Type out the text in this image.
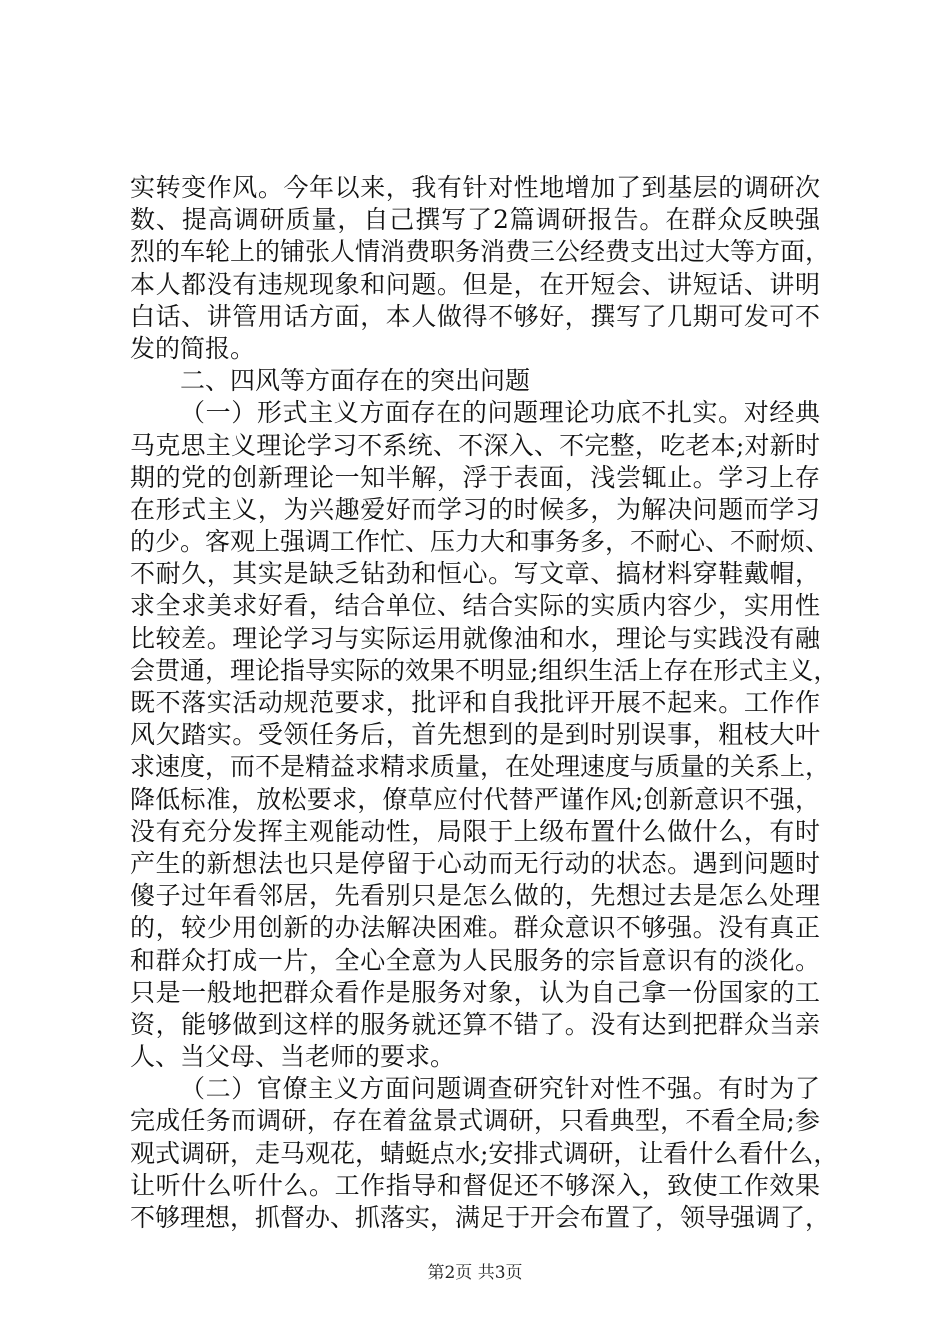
实转变作风。今年以来，我有针对性地增加了到基层的调研次
数、提高调研质量，自己撰写了2篇调研报告。在群众反映强
烈的车轮上的铺张人情消费职务消费三公经费支出过大等方面，
本人都没有违规现象和问题。但是，在开短会、讲短话、讲明
白话、讲管用话方面，本人做得不够好，撰写了几期可发可不
发的简报。
二、四风等方面存在的突出问题
（一）形式主义方面存在的问题理论功底不扎实。对经典
马克思主义理论学习不系统、不深入、不完整，吃老本;对新时
期的党的创新理论一知半解，浮于表面，浅尝辄止。学习上存
在形式主义，为兴趣爱好而学习的时候多，为解决问题而学习
的少。客观上强调工作忙、压力大和事务多，不耐心、不耐烦、
不耐久，其实是缺乏钻劲和恒心。写文章、搞材料穿鞋戴帽，
求全求美求好看，结合单位、结合实际的实质内容少，实用性
比较差。理论学习与实际运用就像油和水，理论与实践没有融
会贯通，理论指导实际的效果不明显;组织生活上存在形式主义，
既不落实活动规范要求，批评和自我批评开展不起来。工作作
风欠踏实。受领任务后，首先想到的是到时别误事，粗枝大叶
求速度，而不是精益求精求质量，在处理速度与质量的关系上，
降低标准，放松要求，僚草应付代替严谨作风;创新意识不强，
没有充分发挥主观能动性，局限于上级布置什么做什么，有时
产生的新想法也只是停留于心动而无行动的状态。遇到问题时
傻子过年看邻居，先看别只是怎么做的，先想过去是怎么处理
的，较少用创新的办法解决困难。群众意识不够强。没有真正
和群众打成一片，全心全意为人民服务的宗旨意识有的淡化。
只是一般地把群众看作是服务对象，认为自己拿一份国家的工
资，能够做到这样的服务就还算不错了。没有达到把群众当亲
人、当父母、当老师的要求。
（二）官僚主义方面问题调查研究针对性不强。有时为了
完成任务而调研，存在着盆景式调研，只看典型，不看全局;参
观式调研，走马观花，蜻蜓点水;安排式调研，让看什么看什么，
让听什么听什么。工作指导和督促还不够深入，致使工作效果
不够理想，抓督办、抓落实，满足于开会布置了，领导强调了，
第2页 共3页
